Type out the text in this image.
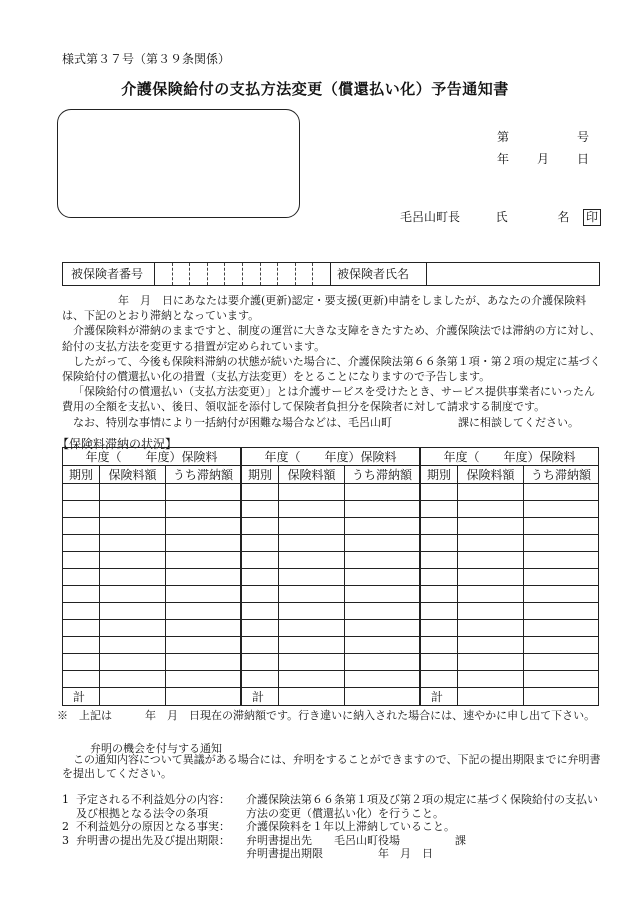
様式第３７号（第３９条関係）
介護保険給付の支払方法変更（償還払い化）予告通知書
第	号
年 月 日
毛呂山町長	氏	名 印
被保険者番号	被保険者氏名

年　月　日にあなたは要介護(更新)認定・要支援(更新)申請をしましたが、あなたの介護保険料は、下記のとおり滞納となっています。

介護保険料が滞納のままですと、制度の運営に大きな支障をきたすため、介護保険法では滞納の方に対し、給付の支払方法を変更する措置が定められています。

したがって、今後も保険料滞納の状態が続いた場合に、介護保険法第６６条第１項・第２項の規定に基づく保険給付の償還払い化の措置（支払方法変更）をとることになりますので予告します。

「保険給付の償還払い（支払方法変更）」とは介護サービスを受けたとき、サービス提供事業者にいったん費用の全額を支払い、後日、領収証を添付して保険者負担分を保険者に対して請求する制度です。

なお、特別な事情により一括納付が困難な場合などは、毛呂山町　　　　　　課に相談してください。

【保険料滞納の状況】
年度（　　年度）保険料		
期別	保険料額	うち滞納額

計		
年度（　　年度）保険料		
期別	保険料額	うち滞納額

計		
年度（　　年度）保険料		
期別	保険料額	うち滞納額

計		
※　上記は　　　年　月　日現在の滞納額です。行き違いに納入された場合には、速やかに申し出て下さい。
弁明の機会を付与する通知
この通知内容について異議がある場合には、弁明をすることができますので、下記の提出期限までに弁明書を提出してください。
1 予定される不利益処分の内容：	介護保険法第６６条第１項及び第２項の規定に基づく保険給付の支払い
及び根拠となる法令の条項	方法の変更（償還払い化）を行うこと。
2 不利益処分の原因となる事実：	介護保険料を１年以上滞納していること。
3 弁明書の提出先及び提出期限：	弁明書提出先　　毛呂山町役場　　　　　課
弁明書提出期限　　　　　年　月　日
